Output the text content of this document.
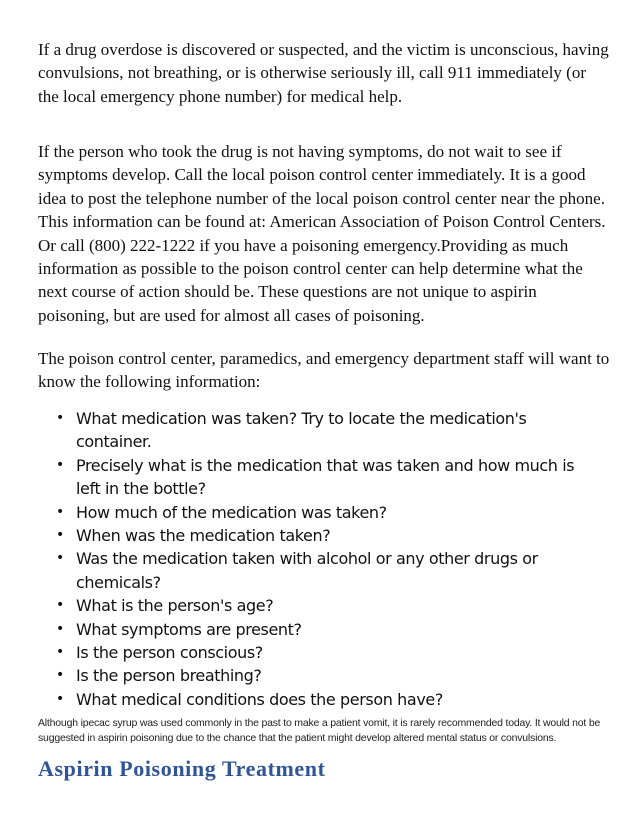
If a drug overdose is discovered or suspected, and the victim is unconscious, having convulsions, not breathing, or is otherwise seriously ill, call 911 immediately (or the local emergency phone number) for medical help.

If the person who took the drug is not having symptoms, do not wait to see if symptoms develop. Call the local poison control center immediately. It is a good idea to post the telephone number of the local poison control center near the phone. This information can be found at: American Association of Poison Control Centers. Or call (800) 222-1222 if you have a poisoning emergency.Providing as much information as possible to the poison control center can help determine what the next course of action should be. These questions are not unique to aspirin poisoning, but are used for almost all cases of poisoning.

The poison control center, paramedics, and emergency department staff will want to know the following information:

• What medication was taken? Try to locate the medication's container.
• Precisely what is the medication that was taken and how much is left in the bottle?
• How much of the medication was taken?
• When was the medication taken?
• Was the medication taken with alcohol or any other drugs or chemicals?
• What is the person's age?
• What symptoms are present?
• Is the person conscious?
• Is the person breathing?
• What medical conditions does the person have?

Although ipecac syrup was used commonly in the past to make a patient vomit, it is rarely recommended today. It would not be suggested in aspirin poisoning due to the chance that the patient might develop altered mental status or convulsions.

Aspirin Poisoning Treatment
